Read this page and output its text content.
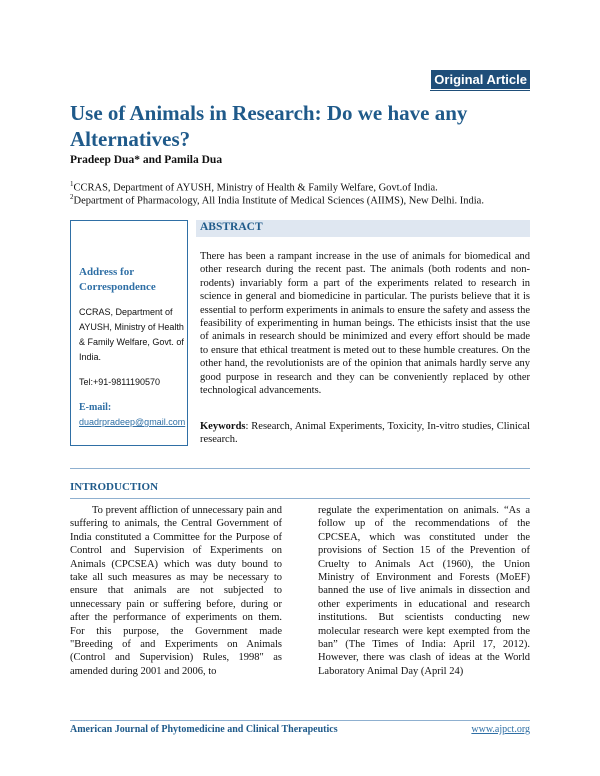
Original Article
Use of Animals in Research: Do we have any Alternatives?
Pradeep Dua* and Pamila Dua
$^1$CCRAS, Department of AYUSH, Ministry of Health & Family Welfare, Govt.of India.
$^2$Department of Pharmacology, All India Institute of Medical Sciences (AIIMS), New Delhi. India.
Address for Correspondence
CCRAS, Department of AYUSH, Ministry of Health & Family Welfare, Govt. of India.
Tel:+91-9811190570
E-mail: duadrpradeep@gmail.com
ABSTRACT

There has been a rampant increase in the use of animals for biomedical and other research during the recent past. The animals (both rodents and non-rodents) invariably form a part of the experiments related to research in science in general and biomedicine in particular. The purists believe that it is essential to perform experiments in animals to ensure the safety and assess the feasibility of experimenting in human beings. The ethicists insist that the use of animals in research should be minimized and every effort should be made to ensure that ethical treatment is meted out to these humble creatures. On the other hand, the revolutionists are of the opinion that animals hardly serve any good purpose in research and they can be conveniently replaced by other technological advancements.

Keywords: Research, Animal Experiments, Toxicity, In-vitro studies, Clinical research.

INTRODUCTION

To prevent affliction of unnecessary pain and suffering to animals, the Central Government of India constituted a Committee for the Purpose of Control and Supervision of Experiments on Animals (CPCSEA) which was duty bound to take all such measures as may be necessary to ensure that animals are not subjected to unnecessary pain or suffering before, during or after the performance of experiments on them. For this purpose, the Government made "Breeding of and Experiments on Animals (Control and Supervision) Rules, 1998" as amended during 2001 and 2006, to

regulate the experimentation on animals. “As a follow up of the recommendations of the CPCSEA, which was constituted under the provisions of Section 15 of the Prevention of Cruelty to Animals Act (1960), the Union Ministry of Environment and Forests (MoEF) banned the use of live animals in dissection and other experiments in educational and research institutions. But scientists conducting new molecular research were kept exempted from the ban” (The Times of India: April 17, 2012). However, there was clash of ideas at the World Laboratory Animal Day (April 24)

American Journal of Phytomedicine and Clinical Therapeutics	www.ajpct.org
